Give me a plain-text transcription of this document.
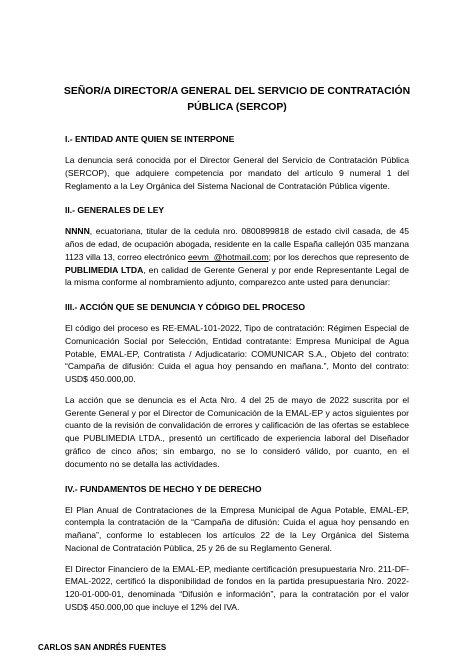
SEÑOR/A DIRECTOR/A GENERAL DEL SERVICIO DE CONTRATACIÓN
PÚBLICA (SERCOP)
I.- ENTIDAD ANTE QUIEN SE INTERPONE

La denuncia será conocida por el Director General del Servicio de Contratación Pública (SERCOP), que adquiere competencia por mandato del artículo 9 numeral 1 del Reglamento a la Ley Orgánica del Sistema Nacional de Contratación Pública vigente.

II.- GENERALES DE LEY

NNNN, ecuatoriana, titular de la cedula nro. 0800899818 de estado civil casada, de 45 años de edad, de ocupación abogada, residente en la calle España callejón 035 manzana 1123 villa 13, correo electrónico eevm_@hotmail.com; por los derechos que represento de PUBLIMEDIA LTDA, en calidad de Gerente General y por ende Representante Legal de la misma conforme al nombramiento adjunto, comparezco ante usted para denunciar:

III.- ACCIÓN QUE SE DENUNCIA Y CÓDIGO DEL PROCESO

El código del proceso es RE-EMAL-101-2022, Tipo de contratación: Régimen Especial de Comunicación Social por Selección, Entidad contratante: Empresa Municipal de Agua Potable, EMAL-EP, Contratista / Adjudicatario: COMUNICAR S.A., Objeto del contrato: “Campaña de difusión: Cuida el agua hoy pensando en mañana.”, Monto del contrato: USD$ 450.000,00.

La acción que se denuncia es el Acta Nro. 4 del 25 de mayo de 2022 suscrita por el Gerente General y por el Director de Comunicación de la EMAL-EP y actos siguientes por cuanto de la revisión de convalidación de errores y calificación de las ofertas se establece que PUBLIMEDIA LTDA., presentó un certificado de experiencia laboral del Diseñador gráfico de cinco años; sin embargo, no se lo consideró válido, por cuanto, en el documento no se detalla las actividades.

IV.- FUNDAMENTOS DE HECHO Y DE DERECHO

El Plan Anual de Contrataciones de la Empresa Municipal de Agua Potable, EMAL-EP, contempla la contratación de la “Campaña de difusión: Cuida el agua hoy pensando en mañana”, conforme lo establecen los artículos 22 de la Ley Orgánica del Sistema Nacional de Contratación Pública, 25 y 26 de su Reglamento General.

El Director Financiero de la EMAL-EP, mediante certificación presupuestaria Nro. 211-DF-EMAL-2022, certificó la disponibilidad de fondos en la partida presupuestaria Nro. 2022-120-01-000-01, denominada “Difusión e información”, para la contratación por el valor USD$ 450.000,00 que incluye el 12% del IVA.

CARLOS SAN ANDRÉS FUENTES
